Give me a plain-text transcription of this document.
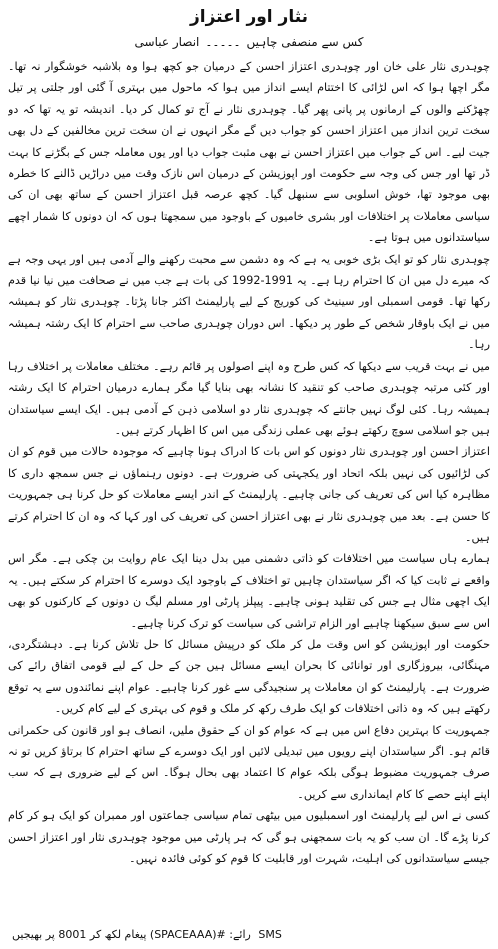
نثار اور اعتزاز
کس سے منصفی چاہیں
۔۔۔۔۔
انصار عباسی

چوہدری نثار علی خان اور چوہدری اعتزاز احسن کے درمیان جو کچھ ہوا وہ بلاشبہ خوشگوار نہ تھا۔ مگر اچھا ہوا کہ اس لڑائی کا اختتام ایسے انداز میں ہوا کہ ماحول میں بہتری آ گئی اور جلتی پر تیل چھڑکنے والوں کے ارمانوں پر پانی پھر گیا۔ چوہدری نثار نے آج تو کمال کر دیا۔ اندیشہ تو یہ تھا کہ دو سخت ترین انداز میں اعتزاز احسن کو جواب دیں گے مگر انہوں نے ان سخت ترین مخالفین کے دل بھی جیت لیے۔ اس کے جواب میں اعتزاز احسن نے بھی مثبت جواب دیا اور یوں معاملہ جس کے بگڑنے کا بہت ڈر تھا اور جس کی وجہ سے حکومت اور اپوزیشن کے درمیان اس نازک وقت میں دراڑیں ڈالنے کا خطرہ بھی موجود تھا، خوش اسلوبی سے سنبھل گیا۔ کچھ عرصہ قبل اعتزاز احسن کے ساتھ بھی ان کی سیاسی معاملات پر اختلافات اور بشری خامیوں کے باوجود میں سمجھتا ہوں کہ ان دونوں کا شمار اچھے سیاستدانوں میں ہوتا ہے۔

چوہدری نثار کو تو ایک بڑی خوبی یہ ہے کہ وہ دشمن سے محبت رکھنے والے آدمی ہیں اور یہی وجہ ہے کہ میرے دل میں ان کا احترام رہا ہے۔ یہ 1991-1992 کی بات ہے جب میں نے صحافت میں نیا نیا قدم رکھا تھا۔ قومی اسمبلی اور سینیٹ کی کوریج کے لیے پارلیمنٹ اکثر جانا پڑتا۔ چوہدری نثار کو ہمیشہ میں نے ایک باوقار شخص کے طور پر دیکھا۔ اس دوران چوہدری صاحب سے احترام کا ایک رشتہ ہمیشہ رہا۔

میں نے بہت قریب سے دیکھا کہ کس طرح وہ اپنے اصولوں پر قائم رہے۔ مختلف معاملات پر اختلاف رہا اور کئی مرتبہ چوہدری صاحب کو تنقید کا نشانہ بھی بنایا گیا مگر ہمارے درمیان احترام کا ایک رشتہ ہمیشہ رہا۔ کئی لوگ نہیں جانتے کہ چوہدری نثار دو اسلامی ذہن کے آدمی ہیں۔ ایک ایسے سیاستدان ہیں جو اسلامی سوچ رکھتے ہوئے بھی عملی زندگی میں اس کا اظہار کرتے ہیں۔

اعتزاز احسن اور چوہدری نثار دونوں کو اس بات کا ادراک ہونا چاہیے کہ موجودہ حالات میں قوم کو ان کی لڑائیوں کی نہیں بلکہ اتحاد اور یکجہتی کی ضرورت ہے۔ دونوں رہنماؤں نے جس سمجھ داری کا مظاہرہ کیا اس کی تعریف کی جانی چاہیے۔ پارلیمنٹ کے اندر ایسے معاملات کو حل کرنا ہی جمہوریت کا حسن ہے۔ بعد میں چوہدری نثار نے بھی اعتزاز احسن کی تعریف کی اور کہا کہ وہ ان کا احترام کرتے ہیں۔

ہمارے ہاں سیاست میں اختلافات کو ذاتی دشمنی میں بدل دینا ایک عام روایت بن چکی ہے۔ مگر اس واقعے نے ثابت کیا کہ اگر سیاستدان چاہیں تو اختلاف کے باوجود ایک دوسرے کا احترام کر سکتے ہیں۔ یہ ایک اچھی مثال ہے جس کی تقلید ہونی چاہیے۔ پیپلز پارٹی اور مسلم لیگ ن دونوں کے کارکنوں کو بھی اس سے سبق سیکھنا چاہیے اور الزام تراشی کی سیاست کو ترک کرنا چاہیے۔

حکومت اور اپوزیشن کو اس وقت مل کر ملک کو درپیش مسائل کا حل تلاش کرنا ہے۔ دہشتگردی، مہنگائی، بیروزگاری اور توانائی کا بحران ایسے مسائل ہیں جن کے حل کے لیے قومی اتفاق رائے کی ضرورت ہے۔ پارلیمنٹ کو ان معاملات پر سنجیدگی سے غور کرنا چاہیے۔ عوام اپنے نمائندوں سے یہ توقع رکھتے ہیں کہ وہ ذاتی اختلافات کو ایک طرف رکھ کر ملک و قوم کی بہتری کے لیے کام کریں۔

جمہوریت کا بہترین دفاع اس میں ہے کہ عوام کو ان کے حقوق ملیں، انصاف ہو اور قانون کی حکمرانی قائم ہو۔ اگر سیاستدان اپنے رویوں میں تبدیلی لائیں اور ایک دوسرے کے ساتھ احترام کا برتاؤ کریں تو نہ صرف جمہوریت مضبوط ہوگی بلکہ عوام کا اعتماد بھی بحال ہوگا۔ اس کے لیے ضروری ہے کہ سب اپنے اپنے حصے کا کام ایمانداری سے کریں۔

کسی نے اس لیے پارلیمنٹ اور اسمبلیوں میں بیٹھی تمام سیاسی جماعتوں اور ممبران کو ایک ہو کر کام کرنا پڑے گا۔ ان سب کو یہ بات سمجھنی ہو گی کہ ہر پارٹی میں موجود چوہدری نثار اور اعتزاز احسن جیسے سیاستدانوں کی اہلیت، شہرت اور قابلیت کا قوم کو کوئی فائدہ نہیں۔

SMS رائے: #(SPACEAAA) پیغام لکھ کر 8001 پر بھیجیں
